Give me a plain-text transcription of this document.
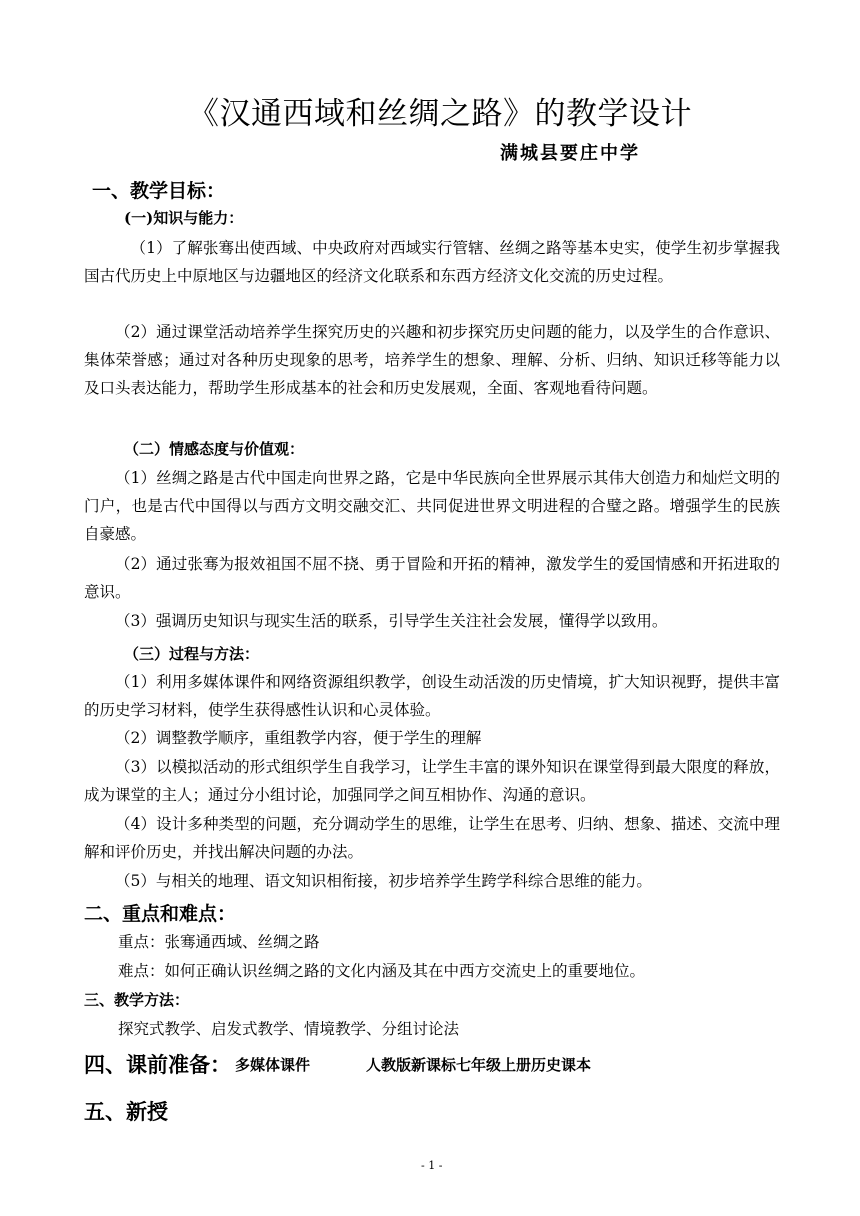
《汉通西域和丝绸之路》的教学设计
满城县要庄中学
一、教学目标：
(一)知识与能力：
（1）了解张骞出使西域、中央政府对西域实行管辖、丝绸之路等基本史实，使学生初步掌握我国古代历史上中原地区与边疆地区的经济文化联系和东西方经济文化交流的历史过程。
（2）通过课堂活动培养学生探究历史的兴趣和初步探究历史问题的能力，以及学生的合作意识、集体荣誉感；通过对各种历史现象的思考，培养学生的想象、理解、分析、归纳、知识迁移等能力以及口头表达能力，帮助学生形成基本的社会和历史发展观，全面、客观地看待问题。
（二）情感态度与价值观：
（1）丝绸之路是古代中国走向世界之路，它是中华民族向全世界展示其伟大创造力和灿烂文明的门户，也是古代中国得以与西方文明交融交汇、共同促进世界文明进程的合璧之路。增强学生的民族自豪感。
（2）通过张骞为报效祖国不屈不挠、勇于冒险和开拓的精神，激发学生的爱国情感和开拓进取的意识。
（3）强调历史知识与现实生活的联系，引导学生关注社会发展，懂得学以致用。
（三）过程与方法：
（1）利用多媒体课件和网络资源组织教学，创设生动活泼的历史情境，扩大知识视野，提供丰富的历史学习材料，使学生获得感性认识和心灵体验。
（2）调整教学顺序，重组教学内容，便于学生的理解
（3）以模拟活动的形式组织学生自我学习，让学生丰富的课外知识在课堂得到最大限度的释放，成为课堂的主人；通过分小组讨论，加强同学之间互相协作、沟通的意识。
（4）设计多种类型的问题，充分调动学生的思维，让学生在思考、归纳、想象、描述、交流中理解和评价历史，并找出解决问题的办法。
（5）与相关的地理、语文知识相衔接，初步培养学生跨学科综合思维的能力。
二、重点和难点：
重点：张骞通西域、丝绸之路
难点：如何正确认识丝绸之路的文化内涵及其在中西方交流史上的重要地位。
三、教学方法：
探究式教学、启发式教学、情境教学、分组讨论法
四、课前准备： 多媒体课件	人教版新课标七年级上册历史课本
五、新授
- 1 -
